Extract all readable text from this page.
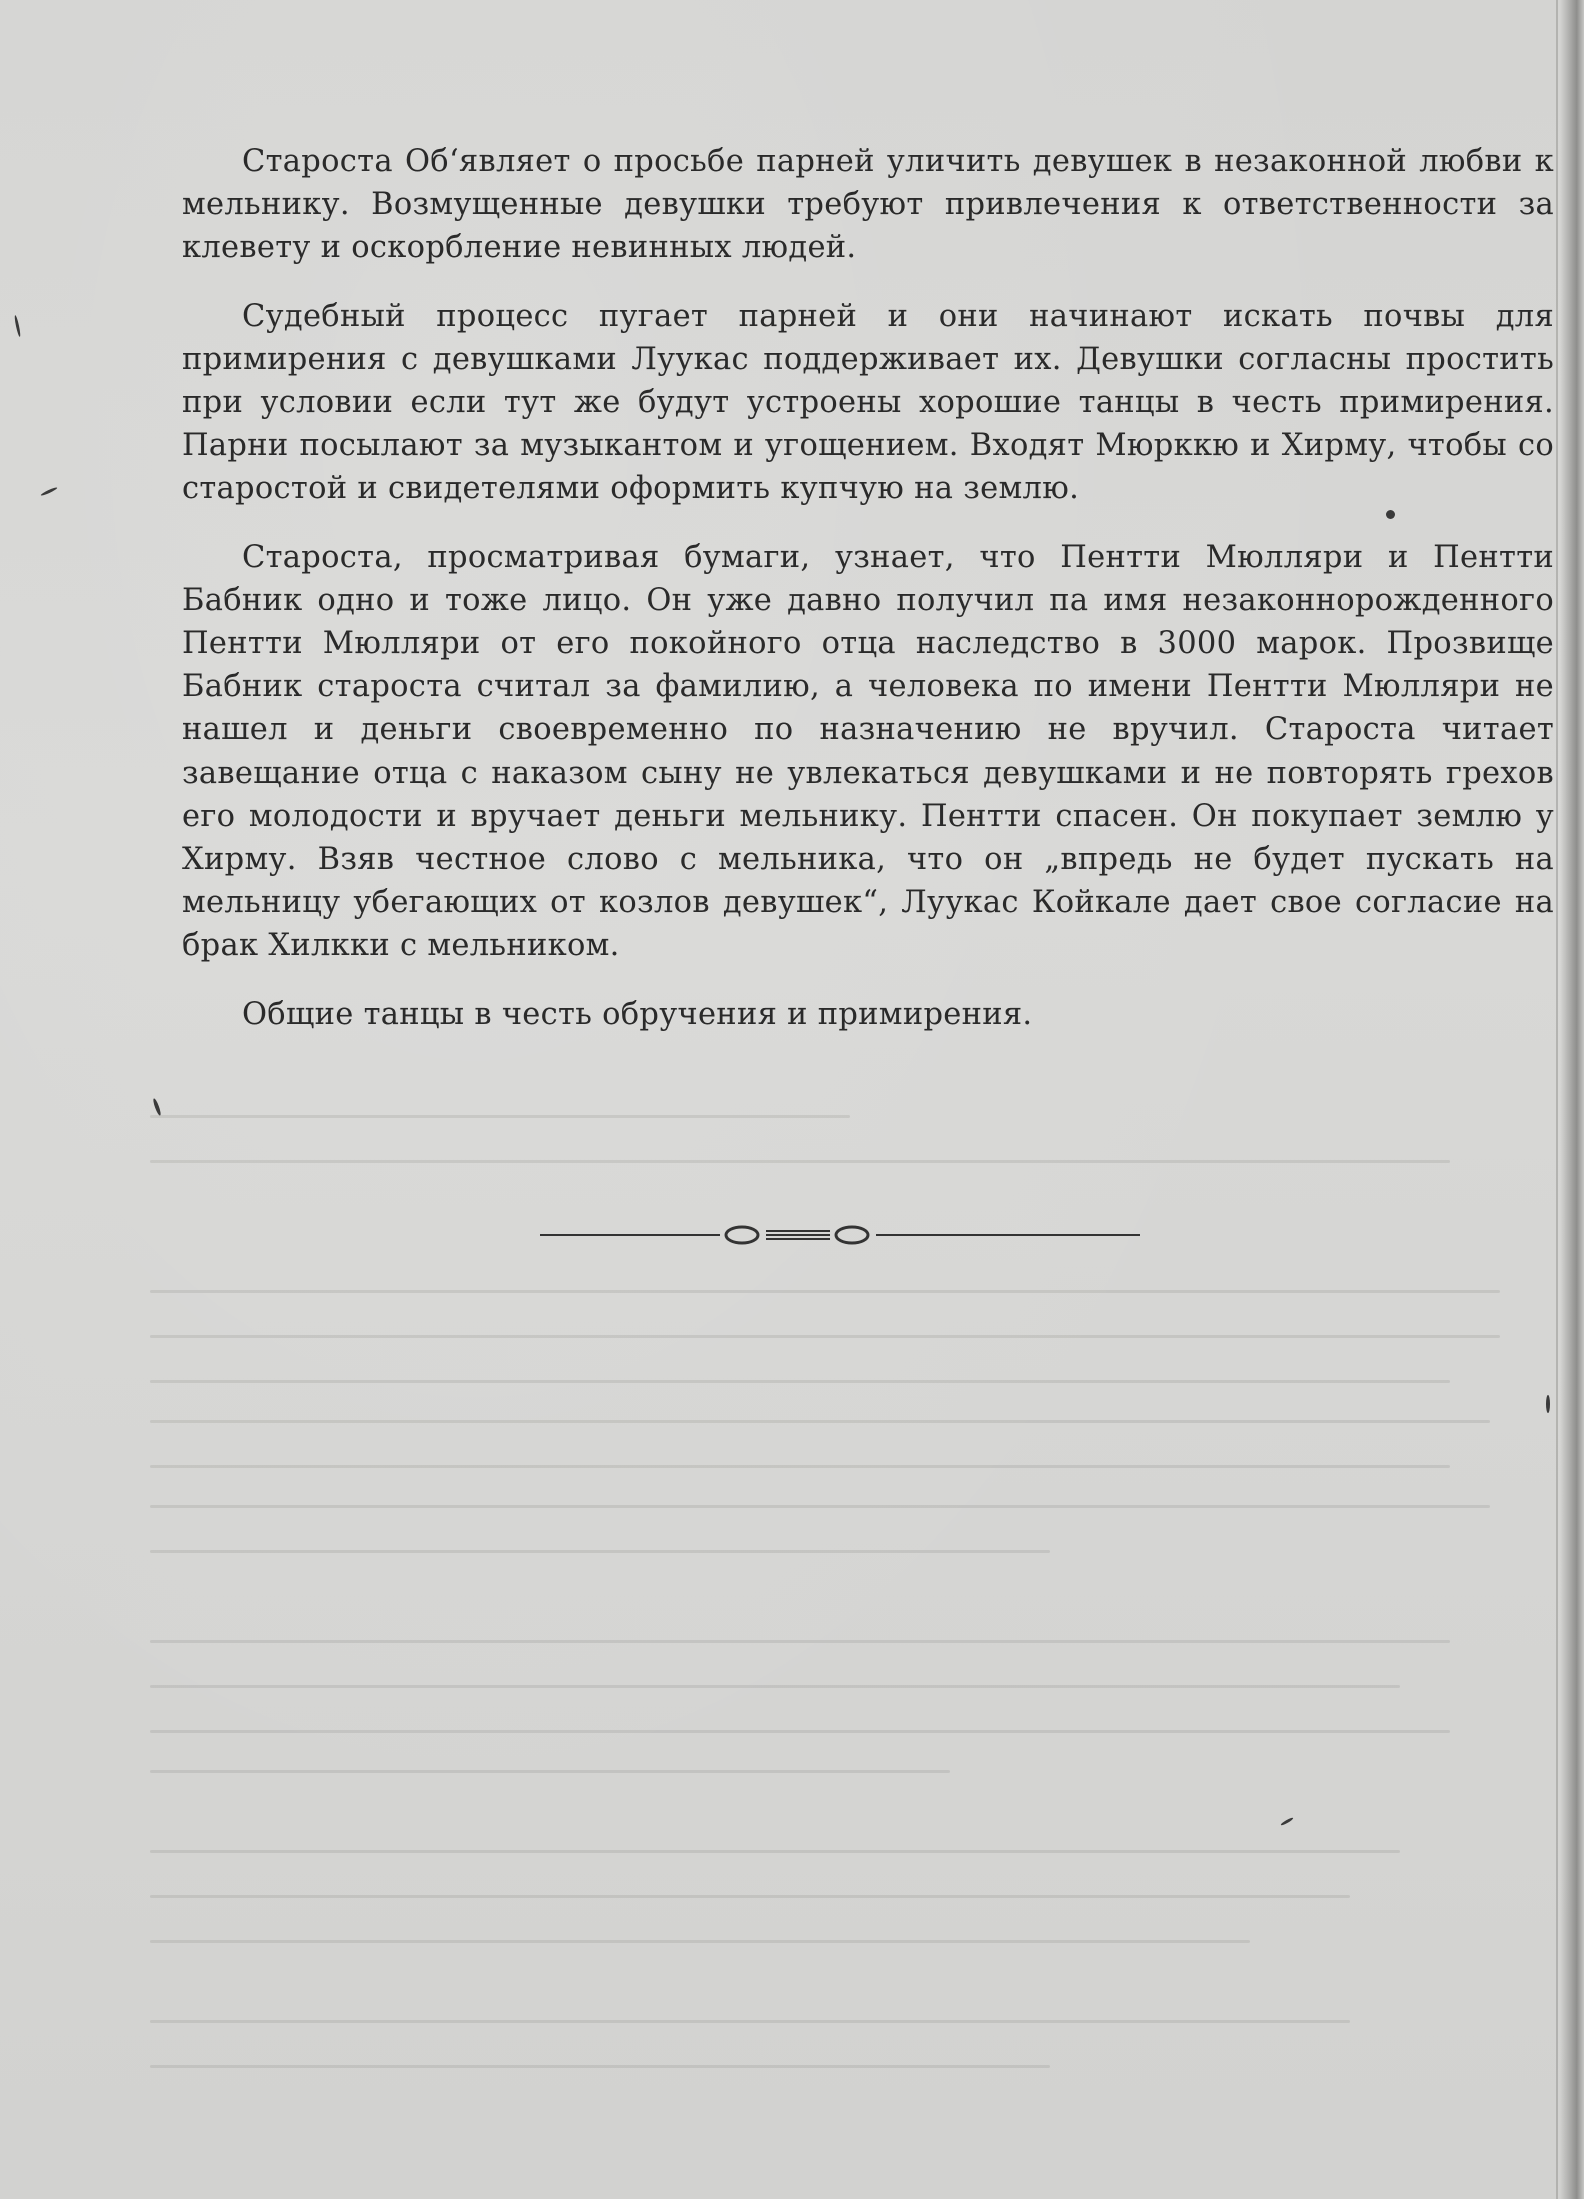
Староста Об‘являет о просьбе парней уличить девушек в незаконной любви к мельнику. Возмущенные девушки требуют привлечения к ответственности за клевету и оскорбление невинных людей.

Судебный процесс пугает парней и они начинают искать почвы для примирения с девушками Луукас поддерживает их. Девушки согласны простить при условии если тут же будут устроены хорошие танцы в честь примирения. Парни посылают за музыкантом и угощением. Входят Мюрккю и Хирму, чтобы со старостой и свидетелями оформить купчую на землю.

Староста, просматривая бумаги, узнает, что Пентти Мюлляри и Пентти Бабник одно и тоже лицо. Он уже давно получил па имя незаконнорожденного Пентти Мюлляри от его покойного отца наследство в 3000 марок. Прозвище Бабник староста считал за фамилию, а человека по имени Пентти Мюлляри не нашел и деньги своевременно по назначению не вручил. Староста читает завещание отца с наказом сыну не увлекаться девушками и не повторять грехов его молодости и вручает деньги мельнику. Пентти спасен. Он покупает землю у Хирму. Взяв честное слово с мельника, что он „впредь не будет пускать на мельницу убегающих от козлов девушек“, Луукас Койкале дает свое согласие на брак Хилкки с мельником.

Общие танцы в честь обручения и примирения.
